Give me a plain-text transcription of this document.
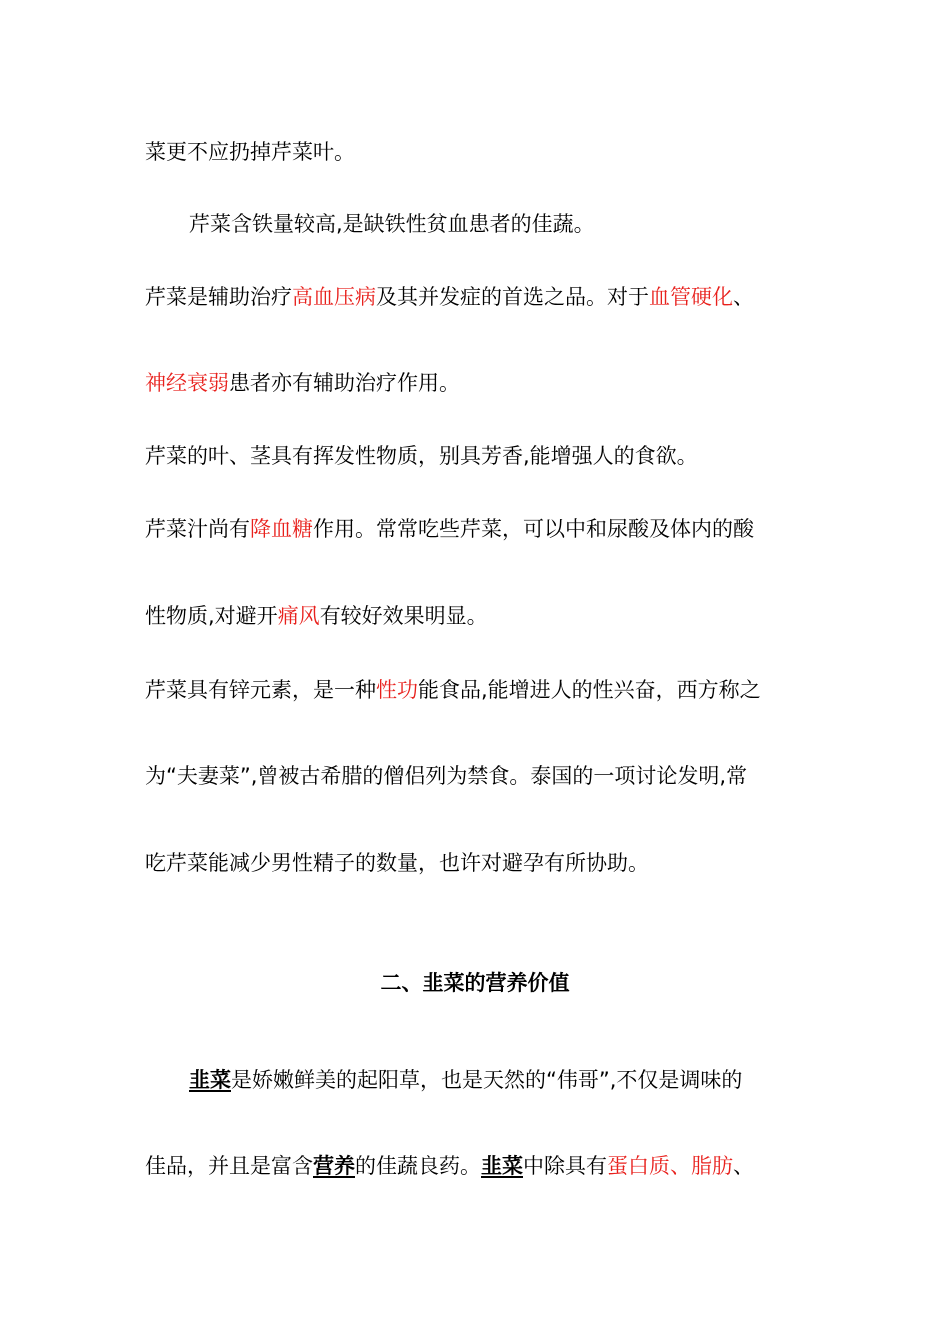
菜更不应扔掉芹菜叶。
芹菜含铁量较高,是缺铁性贫血患者的佳蔬。
芹菜是辅助治疗高血压病及其并发症的首选之品。对于血管硬化、
神经衰弱患者亦有辅助治疗作用。
芹菜的叶、茎具有挥发性物质，别具芳香,能增强人的食欲。
芹菜汁尚有降血糖作用。常常吃些芹菜，可以中和尿酸及体内的酸
性物质,对避开痛风有较好效果明显。
芹菜具有锌元素，是一种性功能食品,能增进人的性兴奋，西方称之
为“夫妻菜”,曾被古希腊的僧侣列为禁食。泰国的一项讨论发明,常
吃芹菜能减少男性精子的数量，也许对避孕有所协助。
二、韭菜的营养价值
韭菜是娇嫩鲜美的起阳草，也是天然的“伟哥”,不仅是调味的
佳品，并且是富含营养的佳蔬良药。韭菜中除具有蛋白质、脂肪、
